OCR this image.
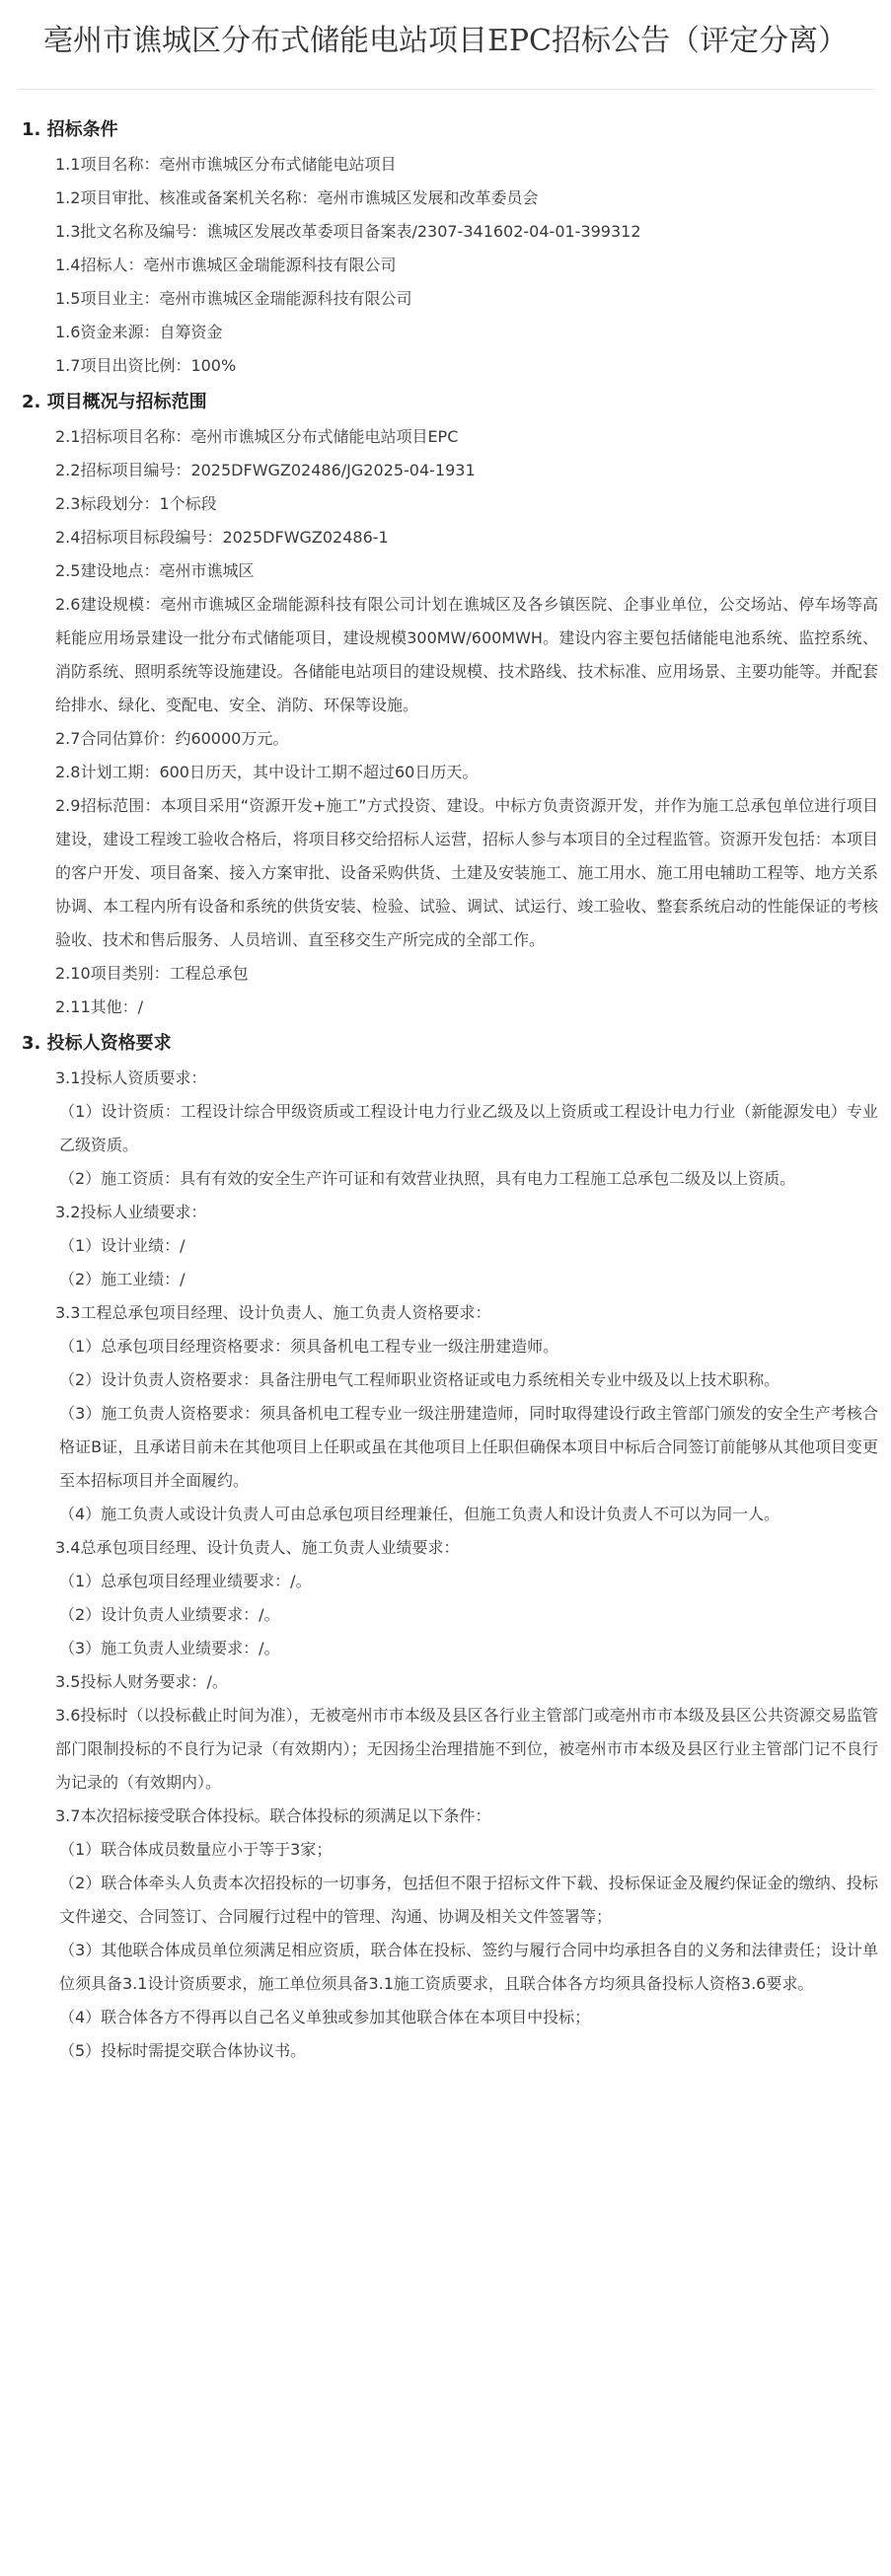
亳州市谯城区分布式储能电站项目EPC招标公告（评定分离）
1. 招标条件
1.1项目名称：亳州市谯城区分布式储能电站项目
1.2项目审批、核准或备案机关名称：亳州市谯城区发展和改革委员会
1.3批文名称及编号：谯城区发展改革委项目备案表/2307-341602-04-01-399312
1.4招标人：亳州市谯城区金瑞能源科技有限公司
1.5项目业主：亳州市谯城区金瑞能源科技有限公司
1.6资金来源：自筹资金
1.7项目出资比例：100%
2. 项目概况与招标范围
2.1招标项目名称：亳州市谯城区分布式储能电站项目EPC
2.2招标项目编号：2025DFWGZ02486/JG2025-04-1931
2.3标段划分：1个标段
2.4招标项目标段编号：2025DFWGZ02486-1
2.5建设地点：亳州市谯城区

2.6建设规模：亳州市谯城区金瑞能源科技有限公司计划在谯城区及各乡镇医院、企事业单位，公交场站、停车场等高耗能应用场景建设一批分布式储能项目，建设规模300MW/600MWH。建设内容主要包括储能电池系统、监控系统、消防系统、照明系统等设施建设。各储能电站项目的建设规模、技术路线、技术标准、应用场景、主要功能等。并配套给排水、绿化、变配电、安全、消防、环保等设施。

2.7合同估算价：约60000万元。
2.8计划工期：600日历天，其中设计工期不超过60日历天。

2.9招标范围：本项目采用“资源开发+施工”方式投资、建设。中标方负责资源开发，并作为施工总承包单位进行项目建设，建设工程竣工验收合格后，将项目移交给招标人运营，招标人参与本项目的全过程监管。资源开发包括：本项目的客户开发、项目备案、接入方案审批、设备采购供货、土建及安装施工、施工用水、施工用电辅助工程等、地方关系协调、本工程内所有设备和系统的供货安装、检验、试验、调试、试运行、竣工验收、整套系统启动的性能保证的考核验收、技术和售后服务、人员培训、直至移交生产所完成的全部工作。

2.10项目类别：工程总承包
2.11其他：/
3. 投标人资格要求
3.1投标人资质要求：

（1）设计资质：工程设计综合甲级资质或工程设计电力行业乙级及以上资质或工程设计电力行业（新能源发电）专业乙级资质。

（2）施工资质：具有有效的安全生产许可证和有效营业执照，具有电力工程施工总承包二级及以上资质。

3.2投标人业绩要求：
（1）设计业绩：/
（2）施工业绩：/
3.3工程总承包项目经理、设计负责人、施工负责人资格要求：
（1）总承包项目经理资格要求：须具备机电工程专业一级注册建造师。

（2）设计负责人资格要求：具备注册电气工程师职业资格证或电力系统相关专业中级及以上技术职称。

（3）施工负责人资格要求：须具备机电工程专业一级注册建造师，同时取得建设行政主管部门颁发的安全生产考核合格证B证，且承诺目前未在其他项目上任职或虽在其他项目上任职但确保本项目中标后合同签订前能够从其他项目变更至本招标项目并全面履约。

（4）施工负责人或设计负责人可由总承包项目经理兼任，但施工负责人和设计负责人不可以为同一人。

3.4总承包项目经理、设计负责人、施工负责人业绩要求：
（1）总承包项目经理业绩要求：/。
（2）设计负责人业绩要求：/。
（3）施工负责人业绩要求：/。
3.5投标人财务要求：/。

3.6投标时（以投标截止时间为准），无被亳州市市本级及县区各行业主管部门或亳州市市本级及县区公共资源交易监管部门限制投标的不良行为记录（有效期内）；无因扬尘治理措施不到位，被亳州市市本级及县区行业主管部门记不良行为记录的（有效期内）。

3.7本次招标接受联合体投标。联合体投标的须满足以下条件：
（1）联合体成员数量应小于等于3家；

（2）联合体牵头人负责本次招投标的一切事务，包括但不限于招标文件下载、投标保证金及履约保证金的缴纳、投标文件递交、合同签订、合同履行过程中的管理、沟通、协调及相关文件签署等；

（3）其他联合体成员单位须满足相应资质，联合体在投标、签约与履行合同中均承担各自的义务和法律责任；设计单位须具备3.1设计资质要求，施工单位须具备3.1施工资质要求，且联合体各方均须具备投标人资格3.6要求。

（4）联合体各方不得再以自己名义单独或参加其他联合体在本项目中投标；
（5）投标时需提交联合体协议书。
